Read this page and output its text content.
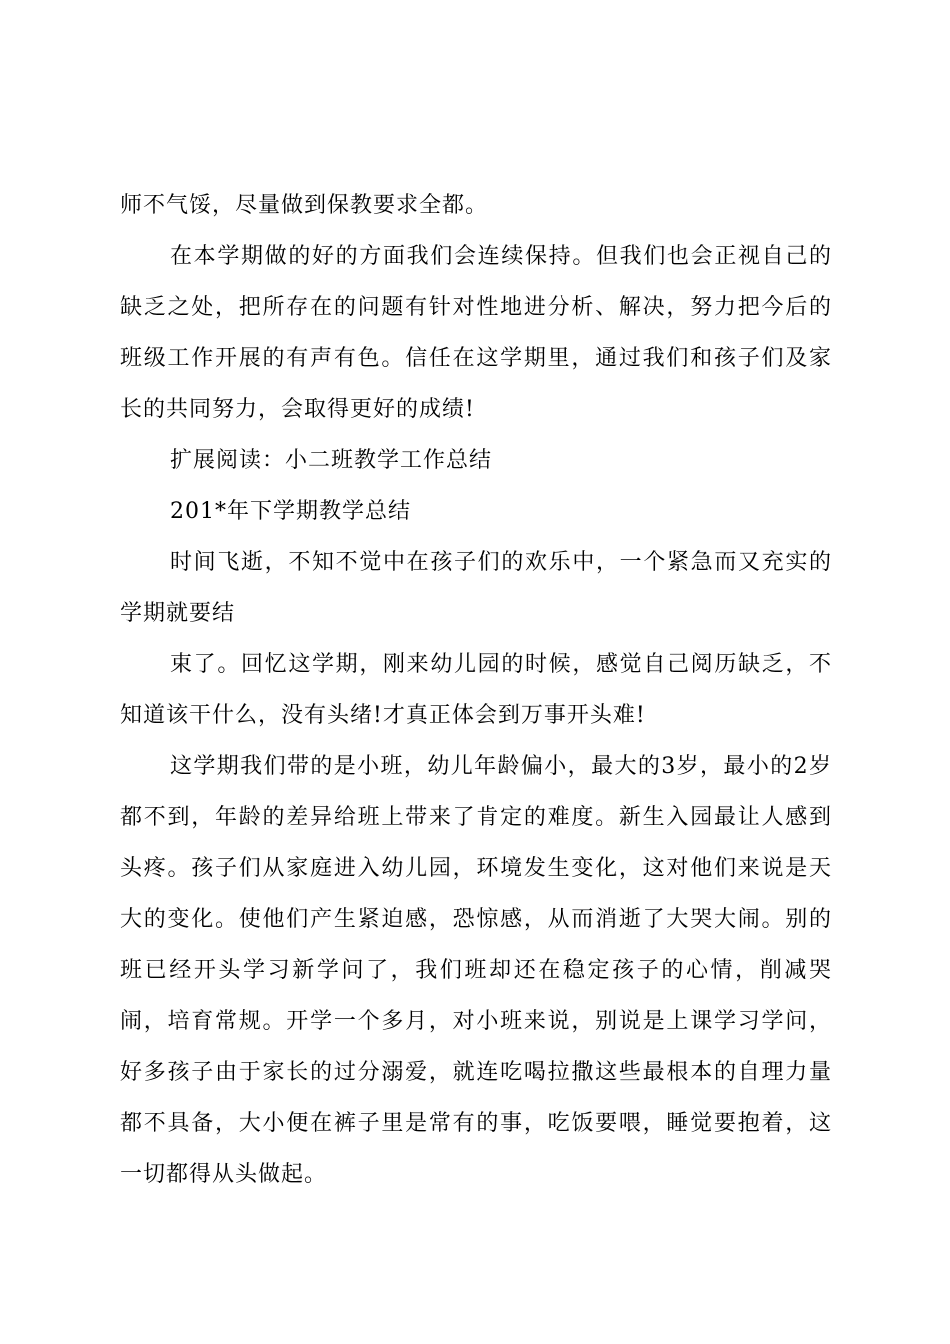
师不气馁，尽量做到保教要求全都。

在本学期做的好的方面我们会连续保持。但我们也会正视自己的缺乏之处，把所存在的问题有针对性地进分析、解决，努力把今后的班级工作开展的有声有色。信任在这学期里，通过我们和孩子们及家长的共同努力，会取得更好的成绩!

扩展阅读：小二班教学工作总结

201*年下学期教学总结

时间飞逝，不知不觉中在孩子们的欢乐中，一个紧急而又充实的学期就要结

束了。回忆这学期，刚来幼儿园的时候，感觉自己阅历缺乏，不知道该干什么，没有头绪!才真正体会到万事开头难!

这学期我们带的是小班，幼儿年龄偏小，最大的3岁，最小的2岁都不到，年龄的差异给班上带来了肯定的难度。新生入园最让人感到头疼。孩子们从家庭进入幼儿园，环境发生变化，这对他们来说是天大的变化。使他们产生紧迫感，恐惊感，从而消逝了大哭大闹。别的班已经开头学习新学问了，我们班却还在稳定孩子的心情，削减哭闹，培育常规。开学一个多月，对小班来说，别说是上课学习学问，好多孩子由于家长的过分溺爱，就连吃喝拉撒这些最根本的自理力量都不具备，大小便在裤子里是常有的事，吃饭要喂，睡觉要抱着，这一切都得从头做起。
